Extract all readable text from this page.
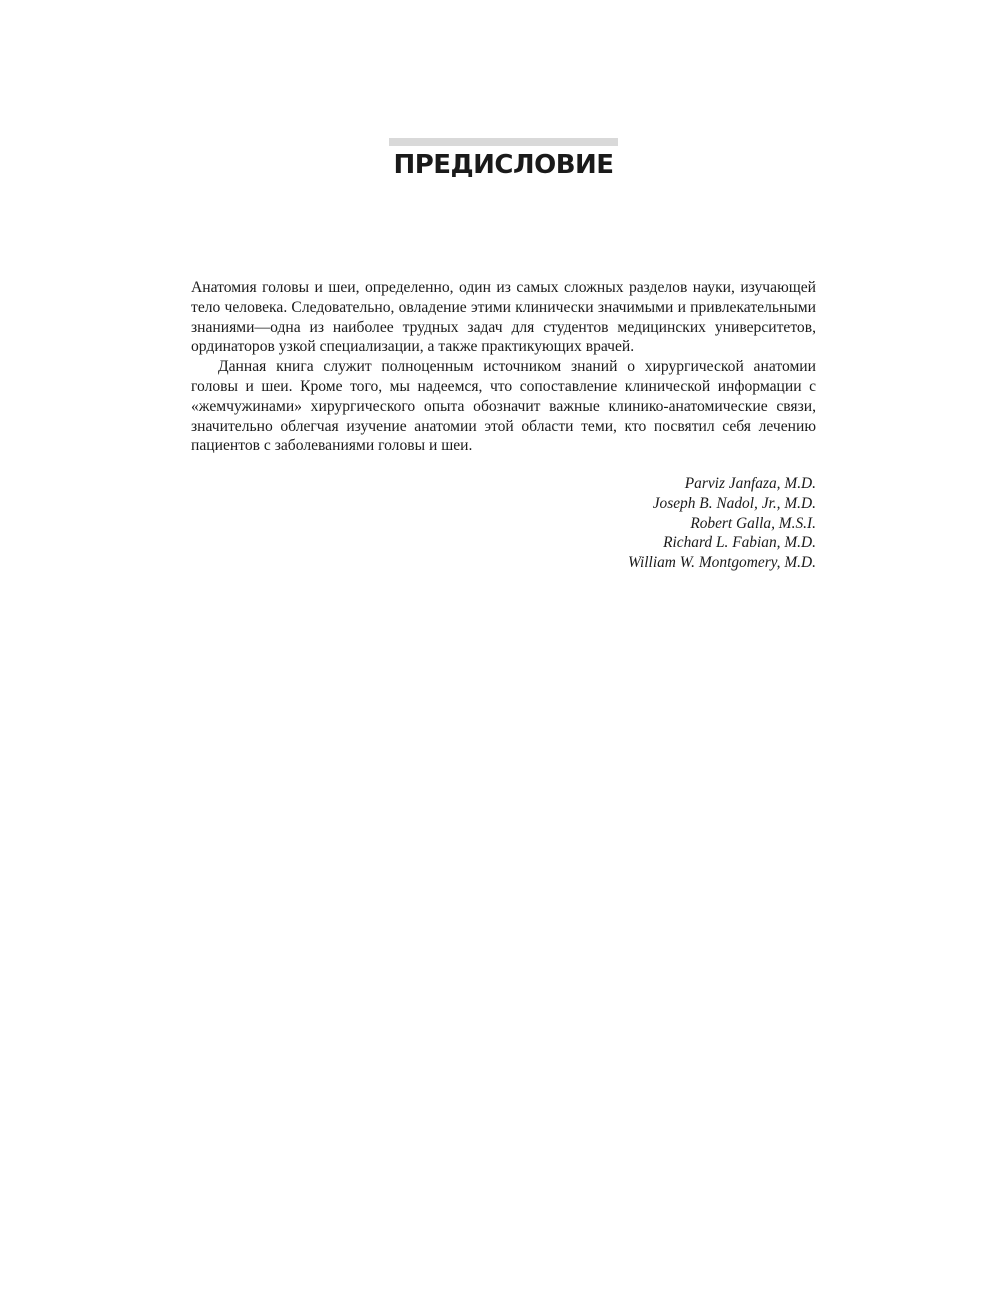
ПРЕДИСЛОВИЕ

Анатомия головы и шеи, определенно, один из самых сложных разделов науки, изучающей тело человека. Следовательно, овладение этими клинически значимыми и привлекательными знаниями—одна из наиболее трудных задач для студентов медицинских университетов, ординаторов узкой специализации, а также практикующих врачей.

Данная книга служит полноценным источником знаний о хирургической анатомии головы и шеи. Кроме того, мы надеемся, что сопоставление клинической информации с «жемчужинами» хирургического опыта обозначит важные клинико-анатомические связи, значительно облегчая изучение анатомии этой области теми, кто посвятил себя лечению пациентов с заболеваниями головы и шеи.

Parviz Janfaza, M.D.
Joseph B. Nadol, Jr., M.D.
Robert Galla, M.S.I.
Richard L. Fabian, M.D.
William W. Montgomery, M.D.
